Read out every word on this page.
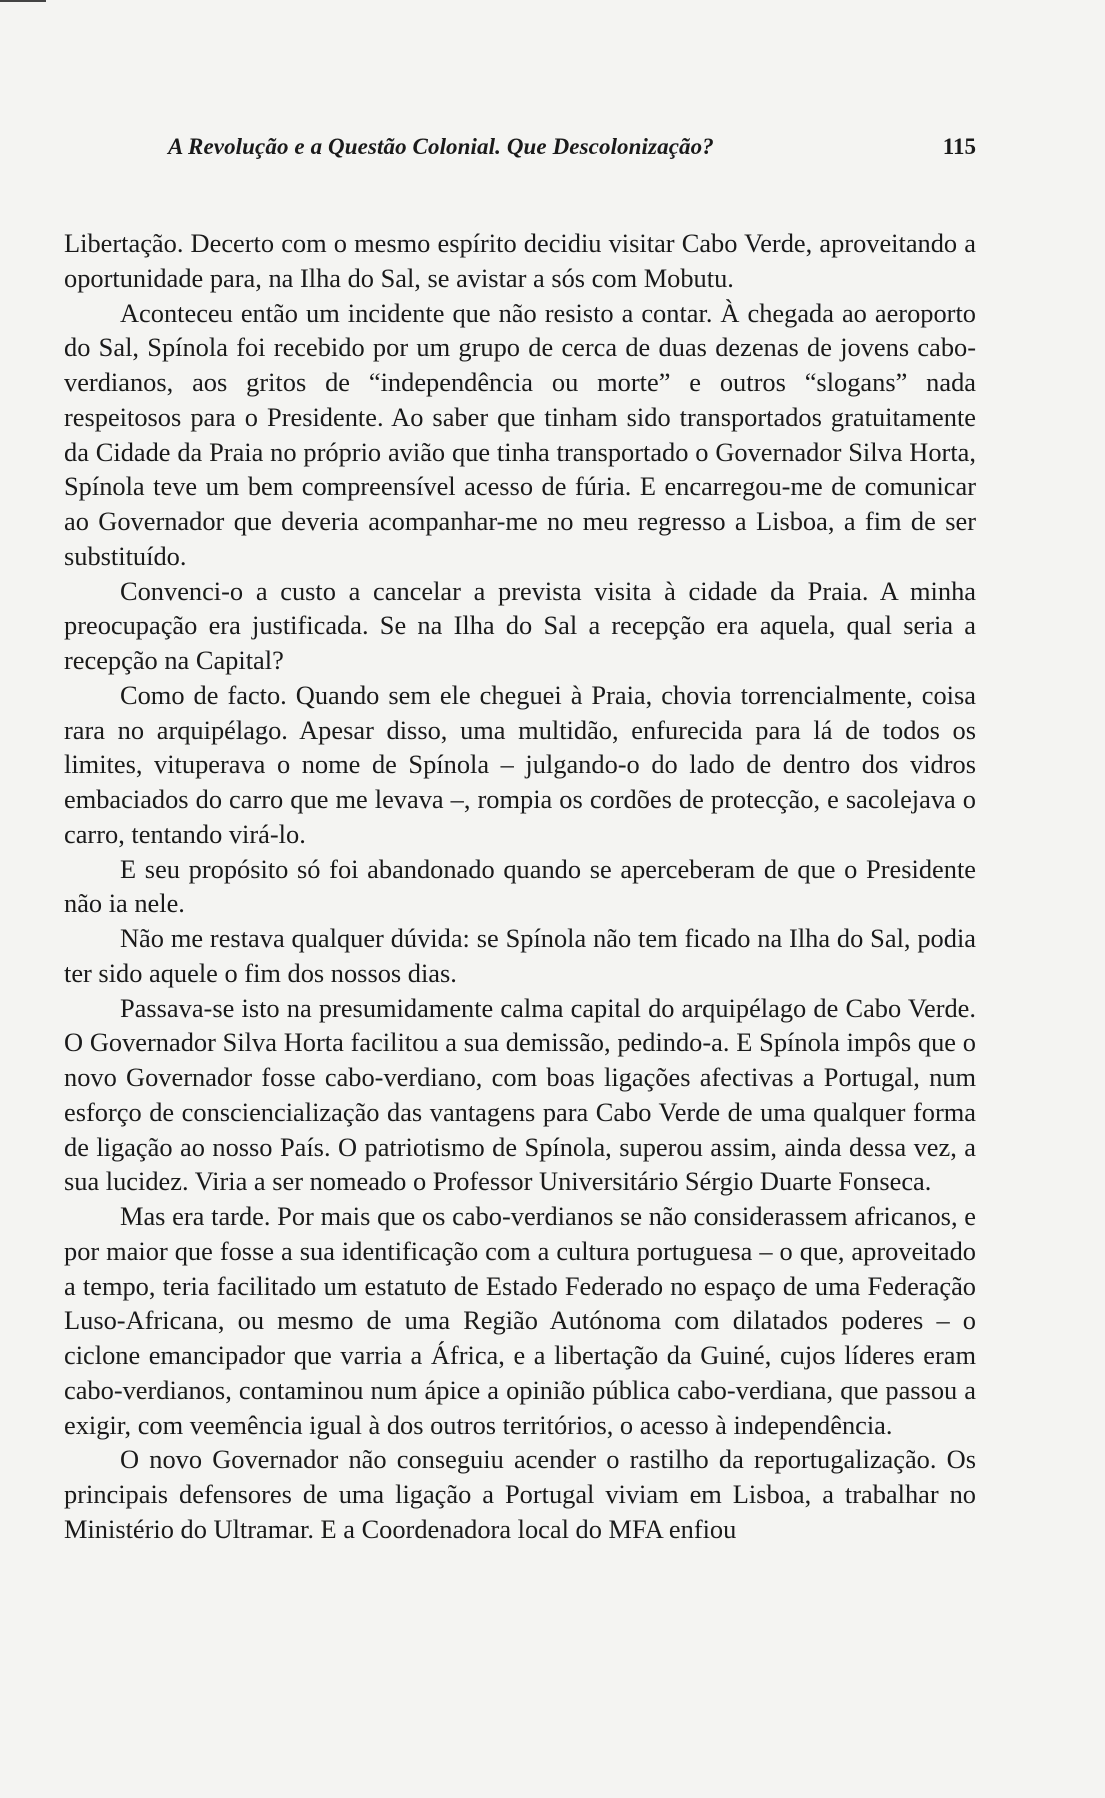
A Revolução e a Questão Colonial. Que Descolonização?	115

Libertação. Decerto com o mesmo espírito decidiu visitar Cabo Verde, aproveitando a oportunidade para, na Ilha do Sal, se avistar a sós com Mobutu.

Aconteceu então um incidente que não resisto a contar. À chegada ao aeroporto do Sal, Spínola foi recebido por um grupo de cerca de duas dezenas de jovens cabo-verdianos, aos gritos de “independência ou morte” e outros “slogans” nada respeitosos para o Presidente. Ao saber que tinham sido transportados gratuitamente da Cidade da Praia no próprio avião que tinha transportado o Governador Silva Horta, Spínola teve um bem compreensível acesso de fúria. E encarregou-me de comunicar ao Governador que deveria acompanhar-me no meu regresso a Lisboa, a fim de ser substituído.

Convenci-o a custo a cancelar a prevista visita à cidade da Praia. A minha preocupação era justificada. Se na Ilha do Sal a recepção era aquela, qual seria a recepção na Capital?

Como de facto. Quando sem ele cheguei à Praia, chovia torrencialmente, coisa rara no arquipélago. Apesar disso, uma multidão, enfurecida para lá de todos os limites, vituperava o nome de Spínola – julgando-o do lado de dentro dos vidros embaciados do carro que me levava –, rompia os cordões de protecção, e sacolejava o carro, tentando virá-lo.

E seu propósito só foi abandonado quando se aperceberam de que o Presidente não ia nele.

Não me restava qualquer dúvida: se Spínola não tem ficado na Ilha do Sal, podia ter sido aquele o fim dos nossos dias.

Passava-se isto na presumidamente calma capital do arquipélago de Cabo Verde. O Governador Silva Horta facilitou a sua demissão, pedindo-a. E Spínola impôs que o novo Governador fosse cabo-verdiano, com boas ligações afectivas a Portugal, num esforço de consciencialização das vantagens para Cabo Verde de uma qualquer forma de ligação ao nosso País. O patriotismo de Spínola, superou assim, ainda dessa vez, a sua lucidez. Viria a ser nomeado o Professor Universitário Sérgio Duarte Fonseca.

Mas era tarde. Por mais que os cabo-verdianos se não considerassem africanos, e por maior que fosse a sua identificação com a cultura portuguesa – o que, aproveitado a tempo, teria facilitado um estatuto de Estado Federado no espaço de uma Federação Luso-Africana, ou mesmo de uma Região Autónoma com dilatados poderes – o ciclone emancipador que varria a África, e a libertação da Guiné, cujos líderes eram cabo-verdianos, contaminou num ápice a opinião pública cabo-verdiana, que passou a exigir, com veemência igual à dos outros territórios, o acesso à independência.

O novo Governador não conseguiu acender o rastilho da reportugalização. Os principais defensores de uma ligação a Portugal viviam em Lisboa, a trabalhar no Ministério do Ultramar. E a Coordenadora local do MFA enfiou
